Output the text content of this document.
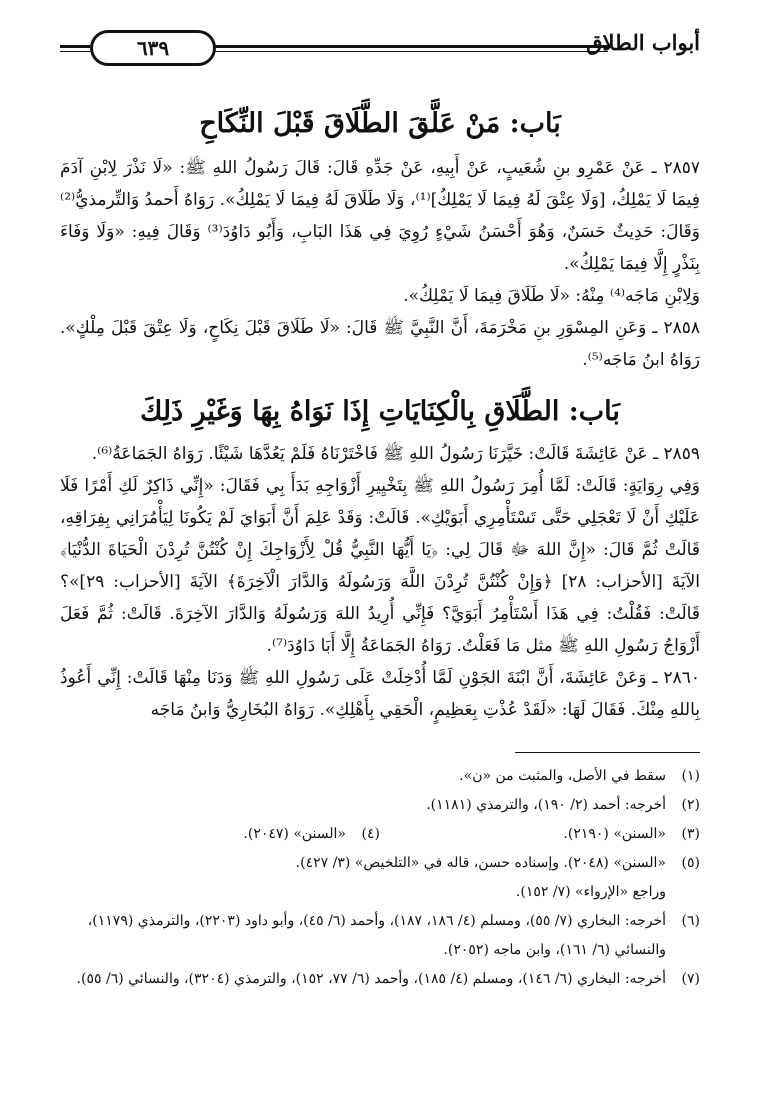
٦٣٩	أبواب الطلاق
بَاب: مَنْ عَلَّقَ الطَّلَاقَ قَبْلَ النِّكَاحِ

٢٨٥٧ ـ عَنْ عَمْرِو بنِ شُعَيبٍ، عَنْ أَبِيهِ، عَنْ جَدِّهِ قَالَ: قَالَ رَسُولُ اللهِ ﷺ: «لَا نَذْرَ لِابْنِ آدَمَ فِيمَا لَا يَمْلِكُ، [وَلَا عِتْقَ لَهُ فِيمَا لَا يَمْلِكُ]⁽¹⁾، وَلَا طَلَاقَ لَهُ فِيمَا لَا يَمْلِكُ». رَوَاهُ أَحمدُ وَالتِّرمذيُّ⁽²⁾ وَقَالَ: حَدِيثٌ حَسَنٌ، وَهُوَ أَحْسَنُ شَيْءٍ رُوِيَ فِي هَذَا البَابِ، وَأَبُو دَاوُدَ⁽³⁾ وَقَالَ فِيهِ: «وَلَا وَفَاءَ بِنَذْرٍ إِلَّا فِيمَا يَمْلِكُ».

وَلِابْنِ مَاجَه⁽⁴⁾ مِنْهُ: «لَا طَلَاقَ فِيمَا لَا يَمْلِكُ».

٢٨٥٨ ـ وَعَنِ المِسْوَرِ بنِ مَخْرَمَةَ، أَنَّ النَّبِيَّ ﷺ قَالَ: «لَا طَلَاقَ قَبْلَ نِكَاحٍ، وَلَا عِتْقَ قَبْلَ مِلْكٍ». رَوَاهُ ابنُ مَاجَه⁽⁵⁾.

بَاب: الطَّلَاقِ بِالْكِنَايَاتِ إِذَا نَوَاهُ بِهَا وَغَيْرِ ذَلِكَ

٢٨٥٩ ـ عَنْ عَائِشَةَ قَالَتْ: خَيَّرَنَا رَسُولُ اللهِ ﷺ فَاخْتَرْنَاهُ فَلَمْ يَعُدَّهَا شَيْئًا. رَوَاهُ الجَمَاعَةُ⁽⁶⁾.

وَفِي رِوَايَةٍ: قَالَتْ: لَمَّا أُمِرَ رَسُولُ اللهِ ﷺ بِتَخْيِيرِ أَزْوَاجِهِ بَدَأَ بِي فَقَالَ: «إِنِّي ذَاكِرٌ لَكِ أَمْرًا فَلَا عَلَيْكِ أَنْ لَا تَعْجَلِي حَتَّى تَسْتَأْمِرِي أَبَوَيْكِ». قَالَتْ: وَقَدْ عَلِمَ أَنَّ أَبَوَايَ لَمْ يَكُونَا لِيَأْمُرَانِي بِفِرَاقِهِ، قَالَتْ ثُمَّ قَالَ: «إِنَّ اللهَ ﷻ قَالَ لِي: ﴿يَا أَيُّهَا النَّبِيُّ قُلْ لِأَزْوَاجِكَ إِنْ كُنْتُنَّ تُرِدْنَ الْحَيَاةَ الدُّنْيَا﴾ الآيَةَ [الأحزاب: ٢٨] ﴿وَإِنْ كُنْتُنَّ تُرِدْنَ اللَّهَ وَرَسُولَهُ وَالدَّارَ الْآخِرَةَ﴾ الآيَةَ [الأحزاب: ٢٩]»؟ قَالَتْ: فَقُلْتُ: فِي هَذَا أَسْتَأْمِرُ أَبَوَيَّ؟ فَإِنِّي أُرِيدُ اللهَ وَرَسُولَهُ وَالدَّارَ الآخِرَةَ. قَالَتْ: ثُمَّ فَعَلَ أَزْوَاجُ رَسُولِ اللهِ ﷺ مثل مَا فَعَلْتُ. رَوَاهُ الجَمَاعَةُ إِلَّا أَبَا دَاوُدَ⁽⁷⁾.

٢٨٦٠ ـ وَعَنْ عَائِشَةَ، أَنَّ ابْنَةَ الجَوْنِ لَمَّا أُدْخِلَتْ عَلَى رَسُولِ اللهِ ﷺ وَدَنَا مِنْهَا قَالَتْ: إِنِّي أَعُوذُ بِاللهِ مِنْكَ. فَقَالَ لَهَا: «لَقَدْ عُذْتِ بِعَظِيمٍ، الْحَقِي بِأَهْلِكِ». رَوَاهُ البُخَارِيُّ وَابنُ مَاجَه

(١)
سقط في الأصل، والمثبت من «ن».
(٢)
أخرجه: أحمد (٢/ ١٩٠)، والترمذي (١١٨١).
(٣)
«السنن» (٢١٩٠).
(٤)
«السنن» (٢٠٤٧).
(٥)
«السنن» (٢٠٤٨). وإسناده حسن، قاله في «التلخيص» (٣/ ٤٢٧).
وراجع «الإرواء» (٧/ ١٥٢).
(٦)
أخرجه: البخاري (٧/ ٥٥)، ومسلم (٤/ ١٨٦، ١٨٧)، وأحمد (٦/ ٤٥)، وأبو داود (٢٢٠٣)، والترمذي (١١٧٩)، والنسائي (٦/ ١٦١)، وابن ماجه (٢٠٥٢).
(٧)
أخرجه: البخاري (٦/ ١٤٦)، ومسلم (٤/ ١٨٥)، وأحمد (٦/ ٧٧، ١٥٢)، والترمذي (٣٢٠٤)، والنسائي (٦/ ٥٥).
